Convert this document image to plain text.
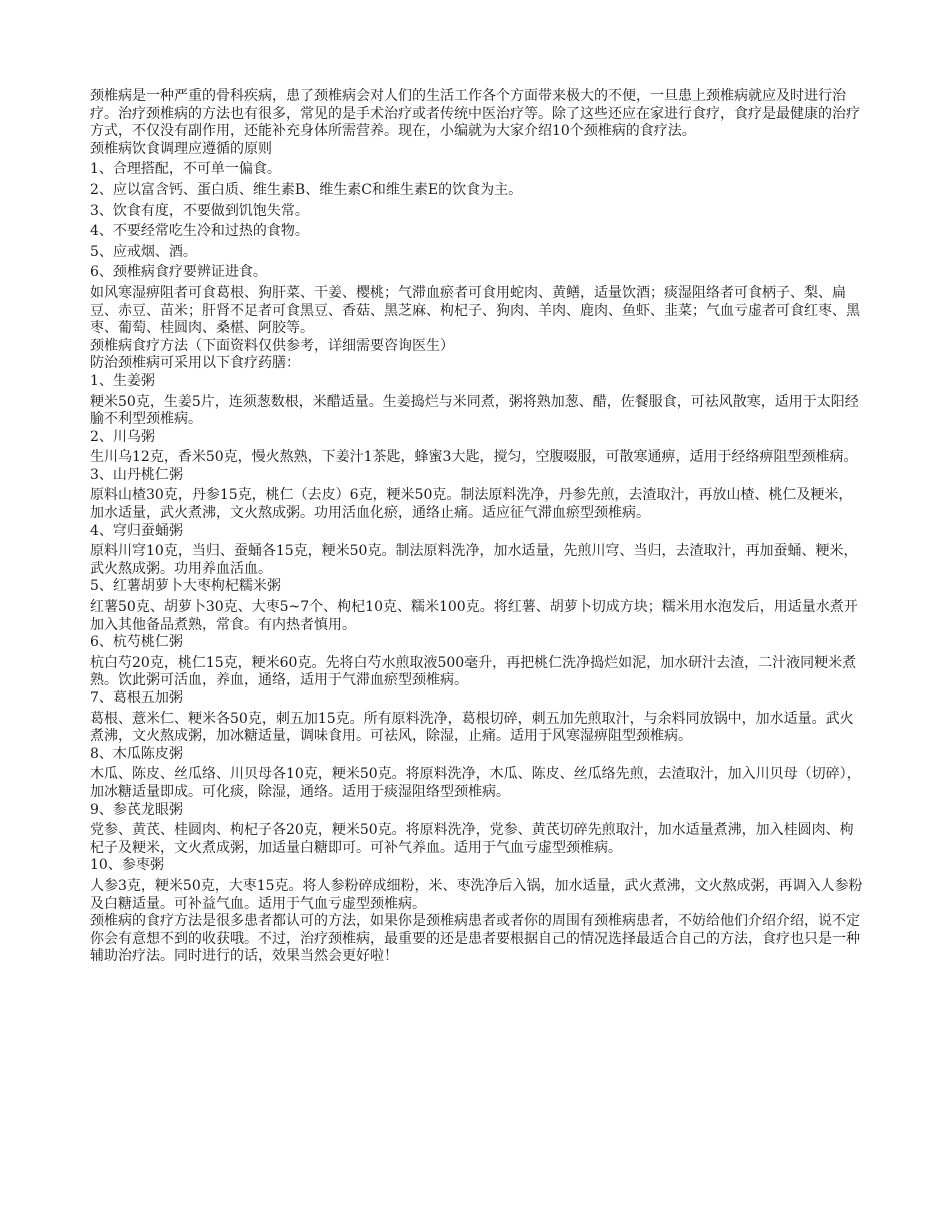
颈椎病是一种严重的骨科疾病，患了颈椎病会对人们的生活工作各个方面带来极大的不便，一旦患上颈椎病就应及时进行治疗。治疗颈椎病的方法也有很多，常见的是手术治疗或者传统中医治疗等。除了这些还应在家进行食疗，食疗是最健康的治疗方式，不仅没有副作用，还能补充身体所需营养。现在，小编就为大家介绍10个颈椎病的食疗法。

颈椎病饮食调理应遵循的原则

1、合理搭配，不可单一偏食。

2、应以富含钙、蛋白质、维生素B、维生素C和维生素E的饮食为主。

3、饮食有度，不要做到饥饱失常。

4、不要经常吃生冷和过热的食物。

5、应戒烟、酒。

6、颈椎病食疗要辨证进食。

如风寒湿痹阻者可食葛根、狗肝菜、干姜、樱桃；气滞血瘀者可食用蛇肉、黄鳝，适量饮酒；痰湿阻络者可食柄子、梨、扁豆、赤豆、苗米；肝肾不足者可食黑豆、香菇、黑芝麻、枸杞子、狗肉、羊肉、鹿肉、鱼虾、韭菜；气血亏虚者可食红枣、黑枣、葡萄、桂圆肉、桑椹、阿胶等。

颈椎病食疗方法（下面资料仅供参考，详细需要咨询医生）

防治颈椎病可采用以下食疗药膳：

1、生姜粥

粳米50克，生姜5片，连须葱数根，米醋适量。生姜捣烂与米同煮，粥将熟加葱、醋，佐餐服食，可祛风散寒，适用于太阳经腧不利型颈椎病。

2、川乌粥

生川乌12克，香米50克，慢火熬熟，下姜汁1茶匙，蜂蜜3大匙，搅匀，空腹啜服，可散寒通痹，适用于经络痹阻型颈椎病。

3、山丹桃仁粥

原料山楂30克，丹参15克，桃仁（去皮）6克，粳米50克。制法原料洗净，丹参先煎，去渣取汁，再放山楂、桃仁及粳米，加水适量，武火煮沸，文火熬成粥。功用活血化瘀，通络止痛。适应征气滞血瘀型颈椎病。

4、穹归蚕蛹粥

原料川穹10克，当归、蚕蛹各15克，粳米50克。制法原料洗净，加水适量，先煎川穹、当归，去渣取汁，再加蚕蛹、粳米，武火熬成粥。功用养血活血。

5、红薯胡萝卜大枣枸杞糯米粥

红薯50克、胡萝卜30克、大枣5~7个、枸杞10克、糯米100克。将红薯、胡萝卜切成方块；糯米用水泡发后，用适量水煮开加入其他备品煮熟，常食。有内热者慎用。

6、杭芍桃仁粥

杭白芍20克，桃仁15克，粳米60克。先将白芍水煎取液500毫升，再把桃仁洗净捣烂如泥，加水研汁去渣，二汁液同粳米煮熟。饮此粥可活血，养血，通络，适用于气滞血瘀型颈椎病。

7、葛根五加粥

葛根、薏米仁、粳米各50克，刺五加15克。所有原料洗净，葛根切碎，刺五加先煎取汁，与余料同放锅中，加水适量。武火煮沸，文火熬成粥，加冰糖适量，调味食用。可祛风，除湿，止痛。适用于风寒湿痹阻型颈椎病。

8、木瓜陈皮粥

木瓜、陈皮、丝瓜络、川贝母各10克，粳米50克。将原料洗净，木瓜、陈皮、丝瓜络先煎，去渣取汁，加入川贝母（切碎），加冰糖适量即成。可化痰，除湿，通络。适用于痰湿阻络型颈椎病。

9、参芪龙眼粥

党参、黄芪、桂圆肉、枸杞子各20克，粳米50克。将原料洗净，党参、黄芪切碎先煎取汁，加水适量煮沸，加入桂圆肉、枸杞子及粳米，文火煮成粥，加适量白糖即可。可补气养血。适用于气血亏虚型颈椎病。

10、参枣粥

人参3克，粳米50克，大枣15克。将人参粉碎成细粉，米、枣洗净后入锅，加水适量，武火煮沸，文火熬成粥，再调入人参粉及白糖适量。可补益气血。适用于气血亏虚型颈椎病。

颈椎病的食疗方法是很多患者都认可的方法，如果你是颈椎病患者或者你的周围有颈椎病患者，不妨给他们介绍介绍，说不定你会有意想不到的收获哦。不过，治疗颈椎病，最重要的还是患者要根据自己的情况选择最适合自己的方法，食疗也只是一种辅助治疗法。同时进行的话，效果当然会更好啦！
